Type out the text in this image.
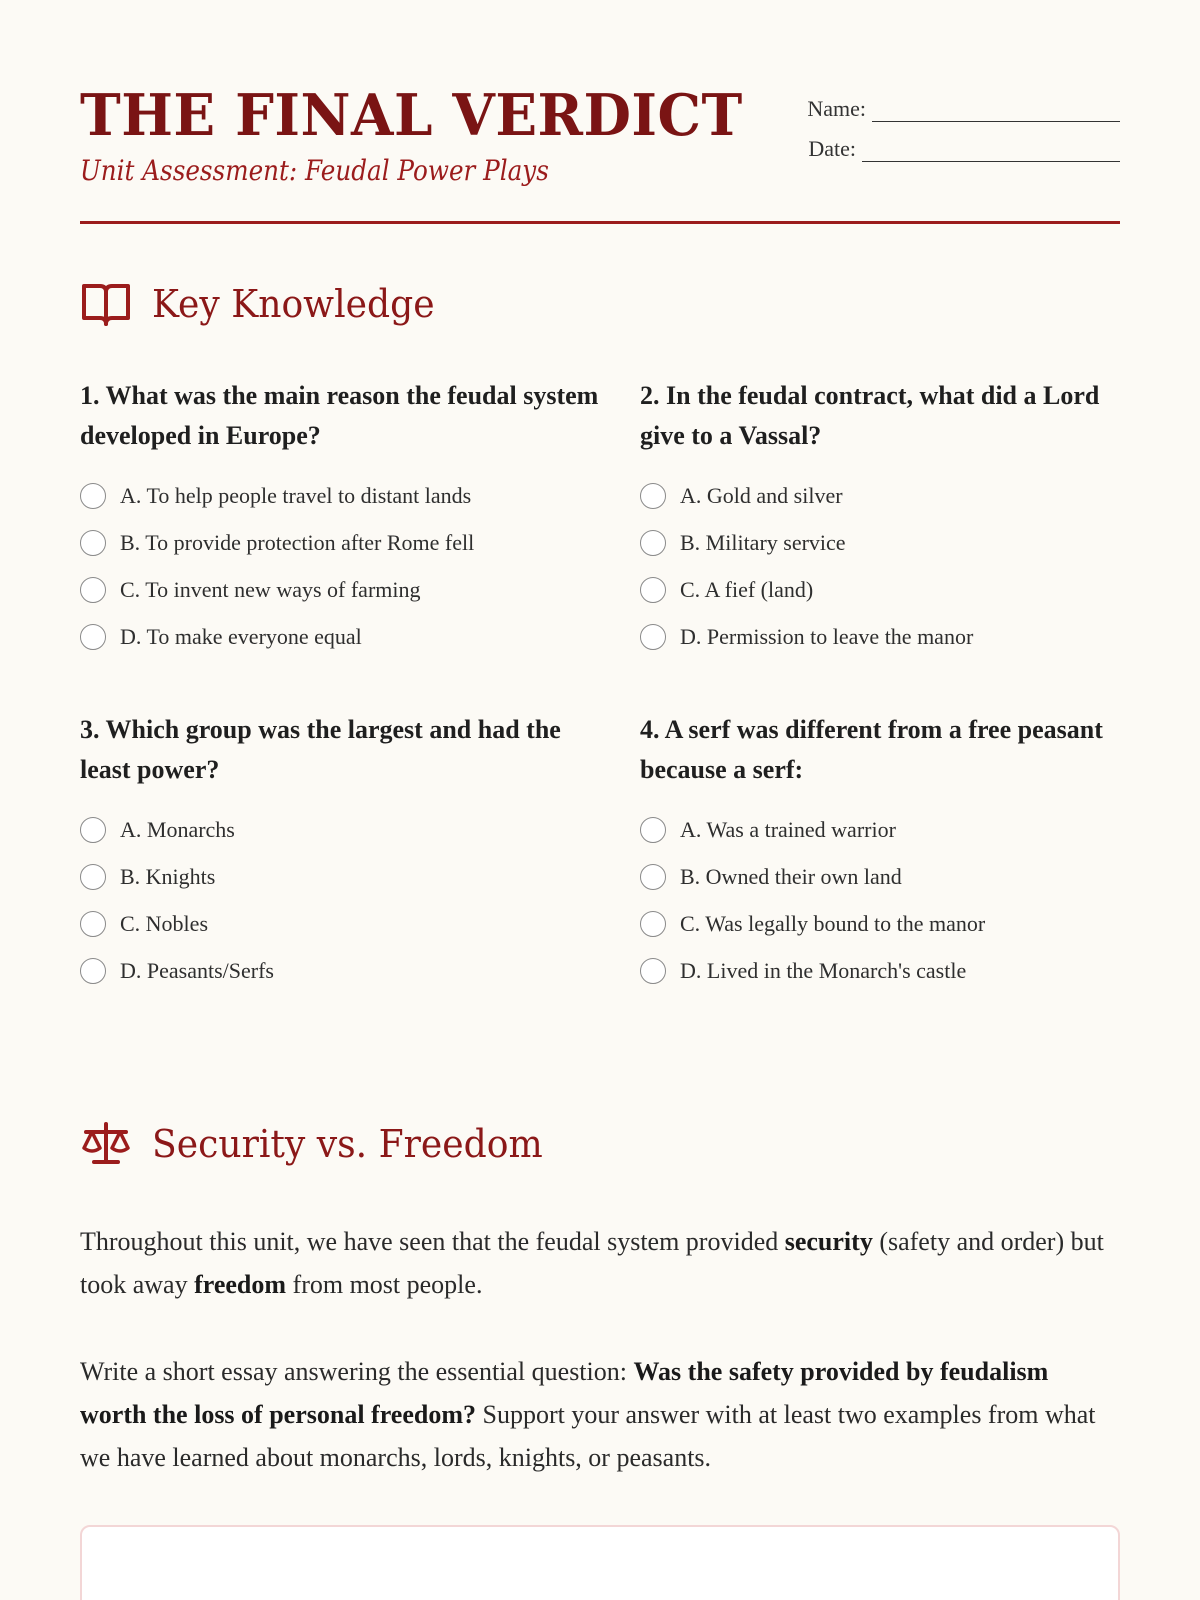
THE FINAL VERDICT
Unit Assessment: Feudal Power Plays
Name:
Date:
Key Knowledge
1. What was the main reason the feudal system developed in Europe?
A. To help people travel to distant lands
B. To provide protection after Rome fell
C. To invent new ways of farming
D. To make everyone equal
2. In the feudal contract, what did a Lord give to a Vassal?
A. Gold and silver
B. Military service
C. A fief (land)
D. Permission to leave the manor
3. Which group was the largest and had the least power?
A. Monarchs
B. Knights
C. Nobles
D. Peasants/Serfs
4. A serf was different from a free peasant because a serf:
A. Was a trained warrior
B. Owned their own land
C. Was legally bound to the manor
D. Lived in the Monarch's castle
Security vs. Freedom

Throughout this unit, we have seen that the feudal system provided security (safety and order) but took away freedom from most people.

Write a short essay answering the essential question: Was the safety provided by feudalism worth the loss of personal freedom? Support your answer with at least two examples from what we have learned about monarchs, lords, knights, or peasants.
